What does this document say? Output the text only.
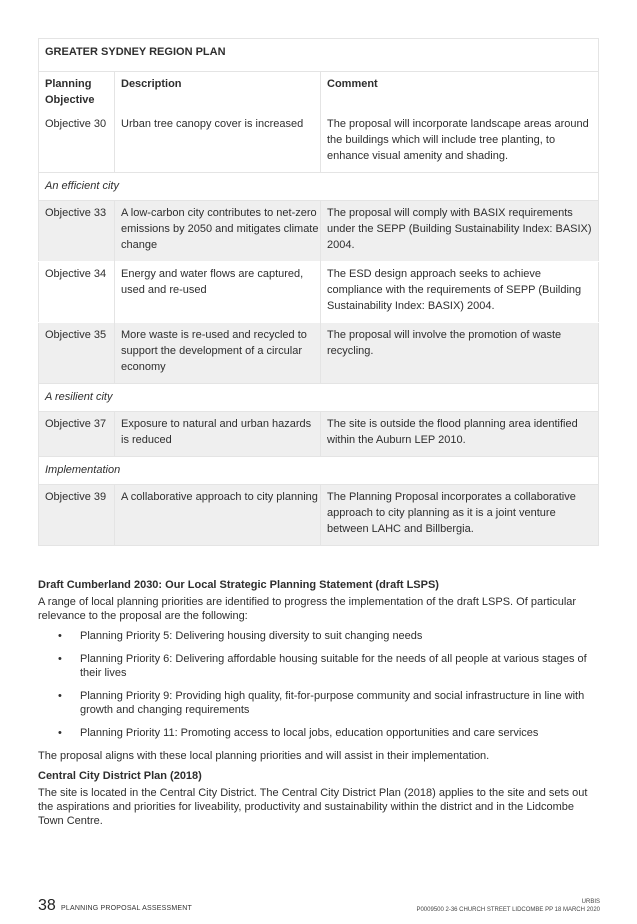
GREATER SYDNEY REGION PLAN		
Planning Objective	Description	Comment
Objective 30	Urban tree canopy cover is increased	The proposal will incorporate landscape areas around the buildings which will include tree planting, to enhance visual amenity and shading.
An efficient city		
Objective 33	A low-carbon city contributes to net-zero emissions by 2050 and mitigates climate change	The proposal will comply with BASIX requirements under the SEPP (Building Sustainability Index: BASIX) 2004.
Objective 34	Energy and water flows are captured, used and re-used	The ESD design approach seeks to achieve compliance with the requirements of SEPP (Building Sustainability Index: BASIX) 2004.
Objective 35	More waste is re-used and recycled to support the development of a circular economy	The proposal will involve the promotion of waste recycling.
A resilient city		
Objective 37	Exposure to natural and urban hazards is reduced	The site is outside the flood planning area identified within the Auburn LEP 2010.
Implementation		
Objective 39	A collaborative approach to city planning	The Planning Proposal incorporates a collaborative approach to city planning as it is a joint venture between LAHC and Billbergia.
Draft Cumberland 2030: Our Local Strategic Planning Statement (draft LSPS)
A range of local planning priorities are identified to progress the implementation of the draft LSPS. Of particular relevance to the proposal are the following:
• Planning Priority 5: Delivering housing diversity to suit changing needs
• Planning Priority 6: Delivering affordable housing suitable for the needs of all people at various stages of their lives
• Planning Priority 9: Providing high quality, fit-for-purpose community and social infrastructure in line with growth and changing requirements
• Planning Priority 11: Promoting access to local jobs, education opportunities and care services
The proposal aligns with these local planning priorities and will assist in their implementation.
Central City District Plan (2018)
The site is located in the Central City District. The Central City District Plan (2018) applies to the site and sets out the aspirations and priorities for liveability, productivity and sustainability within the district and in the Lidcombe Town Centre.
38 PLANNING PROPOSAL ASSESSMENT
URBIS
P0009500 2-36 CHURCH STREET LIDCOMBE PP 18 MARCH 2020
